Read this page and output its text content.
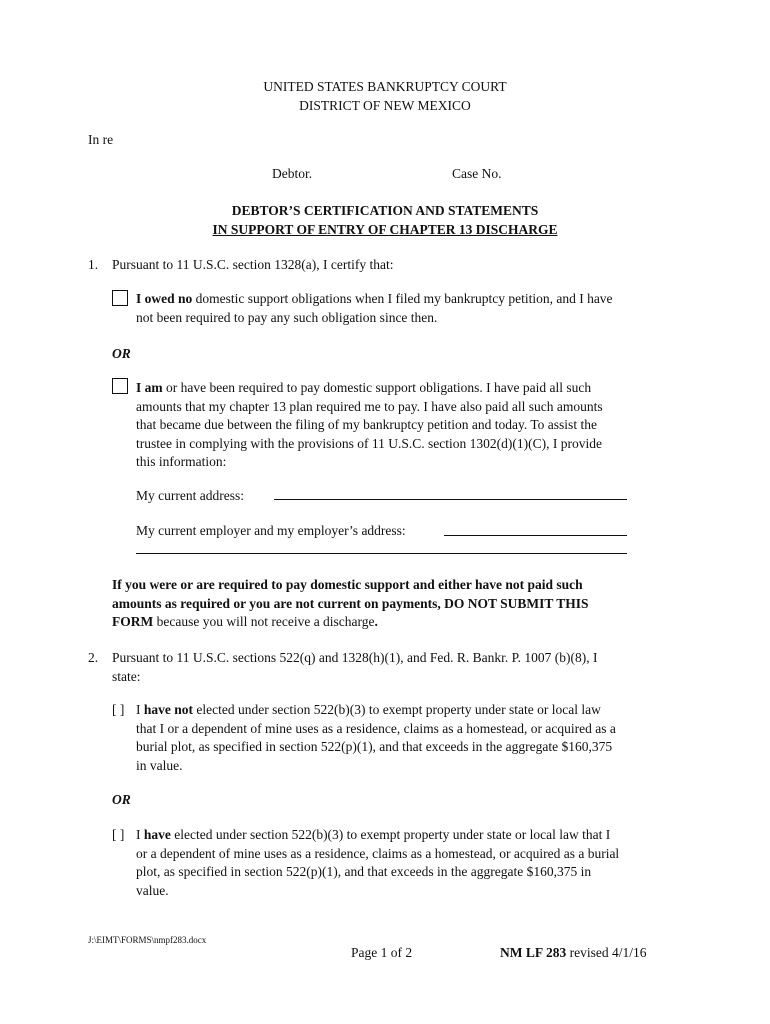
UNITED STATES BANKRUPTCY COURT
DISTRICT OF NEW MEXICO
In re
Debtor.	Case No.
DEBTOR’S CERTIFICATION AND STATEMENTS
IN SUPPORT OF ENTRY OF CHAPTER 13 DISCHARGE
1. Pursuant to 11 U.S.C. section 1328(a), I certify that:
I owed no domestic support obligations when I filed my bankruptcy petition, and I have
not been required to pay any such obligation since then.
OR
I am or have been required to pay domestic support obligations. I have paid all such
amounts that my chapter 13 plan required me to pay. I have also paid all such amounts
that became due between the filing of my bankruptcy petition and today. To assist the
trustee in complying with the provisions of 11 U.S.C. section 1302(d)(1)(C), I provide
this information:
My current address:
My current employer and my employer’s address:
If you were or are required to pay domestic support and either have not paid such
amounts as required or you are not current on payments, DO NOT SUBMIT THIS
FORM because you will not receive a discharge.
2. Pursuant to 11 U.S.C. sections 522(q) and 1328(h)(1), and Fed. R. Bankr. P. 1007 (b)(8), I
state:
[ ] I have not elected under section 522(b)(3) to exempt property under state or local law
that I or a dependent of mine uses as a residence, claims as a homestead, or acquired as a
burial plot, as specified in section 522(p)(1), and that exceeds in the aggregate $160,375
in value.
OR
[ ] I have elected under section 522(b)(3) to exempt property under state or local law that I
or a dependent of mine uses as a residence, claims as a homestead, or acquired as a burial
plot, as specified in section 522(p)(1), and that exceeds in the aggregate $160,375 in
value.
J:\EIMT\FORMS\nmpf283.docx
Page 1 of 2	NM LF 283 revised 4/1/16
